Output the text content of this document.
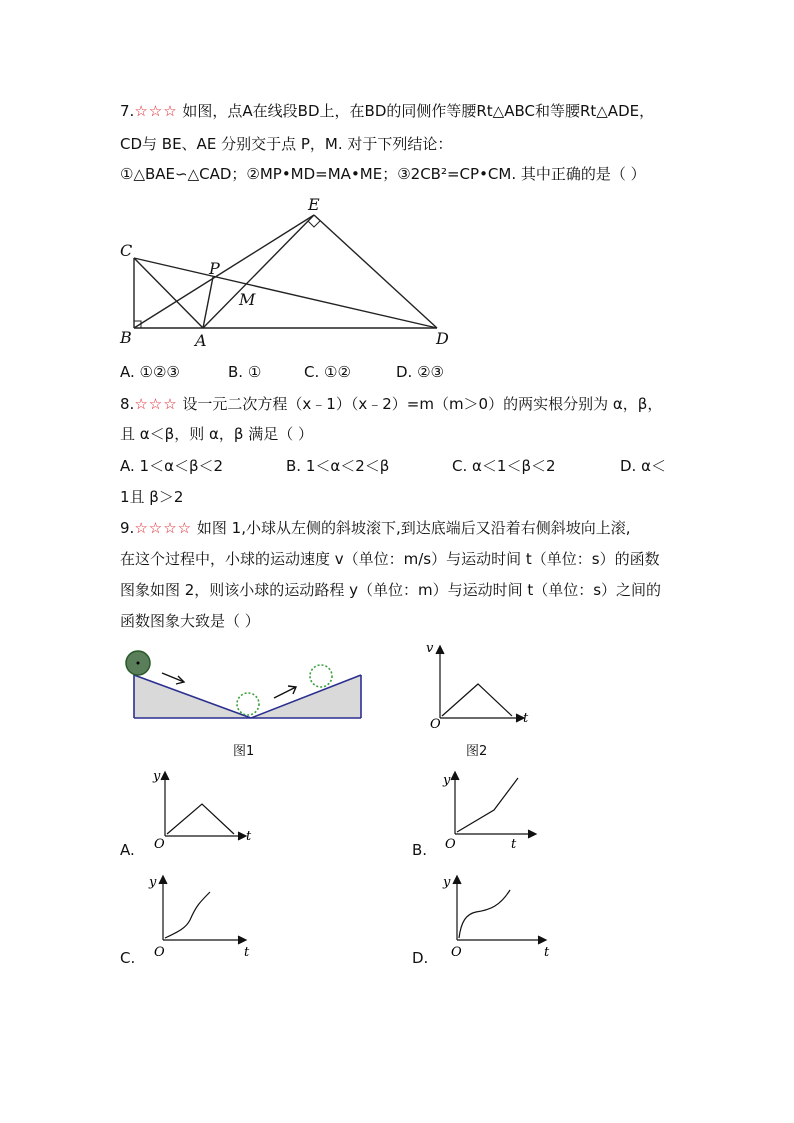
7.☆☆☆ 如图，点A在线段BD上，在BD的同侧作等腰Rt△ABC和等腰Rt△ADE，
CD与 BE、AE 分别交于点 P，M. 对于下列结论：
①△BAE∽△CAD；②MP•MD=MA•ME；③2CB²=CP•CM. 其中正确的是（ ）
C
E
P
M
B	A	D
A. ①②③	B. ①	C. ①②	D. ②③
8.☆☆☆ 设一元二次方程（x﹣1）（x﹣2）=m（m＞0）的两实根分别为 α，β，
且 α＜β，则 α，β 满足（ ）
A. 1＜α＜β＜2	B. 1＜α＜2＜β	C. α＜1＜β＜2	D. α＜
1且 β＞2
9.☆☆☆☆ 如图 1,小球从左侧的斜坡滚下,到达底端后又沿着右侧斜坡向上滚,
在这个过程中，小球的运动速度 v（单位：m/s）与运动时间 t（单位：s）的函数
图象如图 2，则该小球的运动路程 y（单位：m）与运动时间 t（单位：s）之间的
函数图象大致是（ ）
图1
v
t
O
图2
A.
y
t
O	B.
y
t
O
C.
y
t
O	D.
y
t
O
